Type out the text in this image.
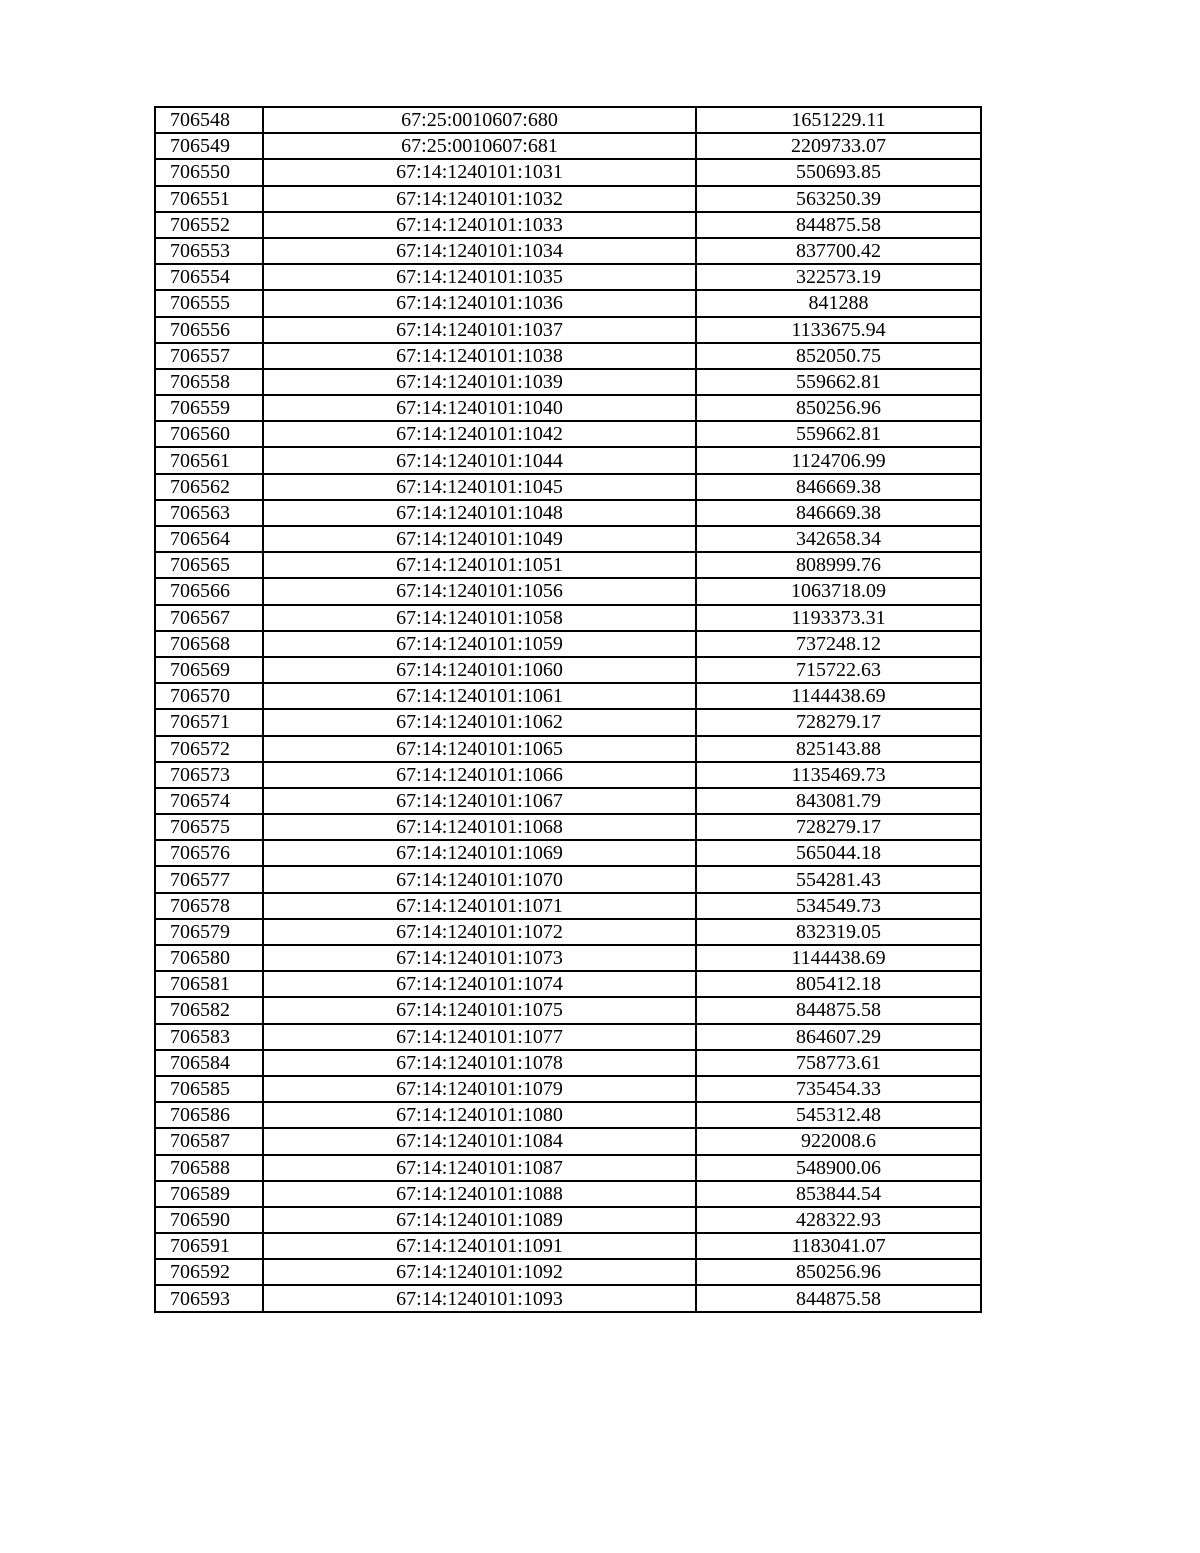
706548	67:25:0010607:680	1651229.11
706549	67:25:0010607:681	2209733.07
706550	67:14:1240101:1031	550693.85
706551	67:14:1240101:1032	563250.39
706552	67:14:1240101:1033	844875.58
706553	67:14:1240101:1034	837700.42
706554	67:14:1240101:1035	322573.19
706555	67:14:1240101:1036	841288
706556	67:14:1240101:1037	1133675.94
706557	67:14:1240101:1038	852050.75
706558	67:14:1240101:1039	559662.81
706559	67:14:1240101:1040	850256.96
706560	67:14:1240101:1042	559662.81
706561	67:14:1240101:1044	1124706.99
706562	67:14:1240101:1045	846669.38
706563	67:14:1240101:1048	846669.38
706564	67:14:1240101:1049	342658.34
706565	67:14:1240101:1051	808999.76
706566	67:14:1240101:1056	1063718.09
706567	67:14:1240101:1058	1193373.31
706568	67:14:1240101:1059	737248.12
706569	67:14:1240101:1060	715722.63
706570	67:14:1240101:1061	1144438.69
706571	67:14:1240101:1062	728279.17
706572	67:14:1240101:1065	825143.88
706573	67:14:1240101:1066	1135469.73
706574	67:14:1240101:1067	843081.79
706575	67:14:1240101:1068	728279.17
706576	67:14:1240101:1069	565044.18
706577	67:14:1240101:1070	554281.43
706578	67:14:1240101:1071	534549.73
706579	67:14:1240101:1072	832319.05
706580	67:14:1240101:1073	1144438.69
706581	67:14:1240101:1074	805412.18
706582	67:14:1240101:1075	844875.58
706583	67:14:1240101:1077	864607.29
706584	67:14:1240101:1078	758773.61
706585	67:14:1240101:1079	735454.33
706586	67:14:1240101:1080	545312.48
706587	67:14:1240101:1084	922008.6
706588	67:14:1240101:1087	548900.06
706589	67:14:1240101:1088	853844.54
706590	67:14:1240101:1089	428322.93
706591	67:14:1240101:1091	1183041.07
706592	67:14:1240101:1092	850256.96
706593	67:14:1240101:1093	844875.58
